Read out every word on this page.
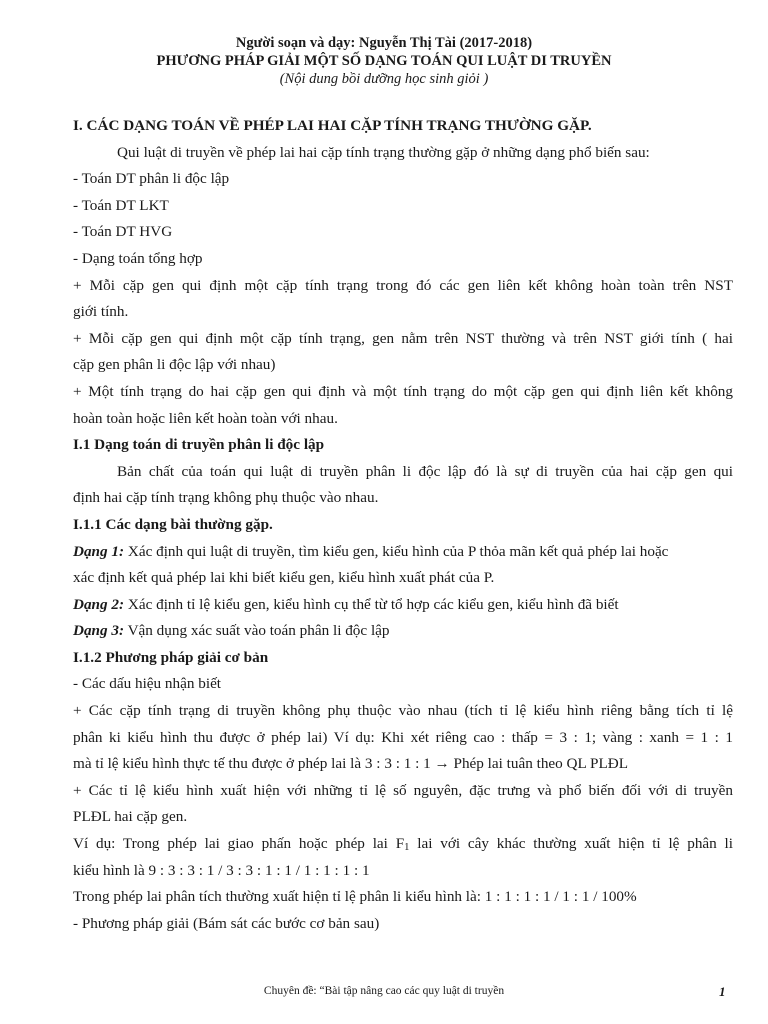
Người soạn và dạy: Nguyễn Thị Tài (2017-2018)
PHƯƠNG PHÁP GIẢI MỘT SỐ DẠNG TOÁN QUI LUẬT DI TRUYỀN
(Nội dung bồi dưỡng học sinh giỏi )
I. CÁC DẠNG TOÁN VỀ PHÉP LAI HAI CẶP TÍNH TRẠNG THƯỜNG GẶP.
Qui luật di truyền về phép lai hai cặp tính trạng thường gặp ở những dạng phổ biến sau:
- Toán DT phân li độc lập
- Toán DT LKT
- Toán DT HVG
- Dạng toán tổng hợp
+ Mỗi cặp gen qui định một cặp tính trạng trong đó các gen liên kết không hoàn toàn trên NST
giới tính.
+ Mỗi cặp gen qui định một cặp tính trạng, gen nằm trên NST thường và trên NST giới tính ( hai
cặp gen phân li độc lập với nhau)
+ Một tính trạng do hai cặp gen qui định và một tính trạng do một cặp gen qui định liên kết không
hoàn toàn hoặc liên kết hoàn toàn với nhau.
I.1 Dạng toán di truyền phân li độc lập
Bản chất của toán qui luật di truyền phân li độc lập đó là sự di truyền của hai cặp gen qui
định hai cặp tính trạng không phụ thuộc vào nhau.
I.1.1 Các dạng bài thường gặp.
Dạng 1: Xác định qui luật di truyền, tìm kiểu gen, kiểu hình của P thỏa mãn kết quả phép lai hoặc
xác định kết quả phép lai khi biết kiểu gen, kiểu hình xuất phát của P.
Dạng 2: Xác định tỉ lệ kiểu gen, kiểu hình cụ thể từ tổ hợp các kiểu gen, kiểu hình đã biết
Dạng 3: Vận dụng xác suất vào toán phân li độc lập
I.1.2 Phương pháp giải cơ bản
- Các dấu hiệu nhận biết
+ Các cặp tính trạng di truyền không phụ thuộc vào nhau (tích tỉ lệ kiểu hình riêng bằng tích tỉ lệ
phân ki kiểu hình thu được ở phép lai) Ví dụ: Khi xét riêng cao : thấp = 3 : 1; vàng : xanh = 1 : 1
mà tỉ lệ kiểu hình thực tế thu được ở phép lai là 3 : 3 : 1 : 1 → Phép lai tuân theo QL PLĐL
+ Các tỉ lệ kiểu hình xuất hiện với những tỉ lệ số nguyên, đặc trưng và phổ biến đối với di truyền
PLĐL hai cặp gen.
Ví dụ: Trong phép lai giao phấn hoặc phép lai F1 lai với cây khác thường xuất hiện tỉ lệ phân li
kiểu hình là 9 : 3 : 3 : 1 / 3 : 3 : 1 : 1 / 1 : 1 : 1 : 1
Trong phép lai phân tích thường xuất hiện tỉ lệ phân li kiểu hình là: 1 : 1 : 1 : 1 / 1 : 1 / 100%
- Phương pháp giải (Bám sát các bước cơ bản sau)
Chuyên đề: “Bài tập nâng cao các quy luật di truyền	1
